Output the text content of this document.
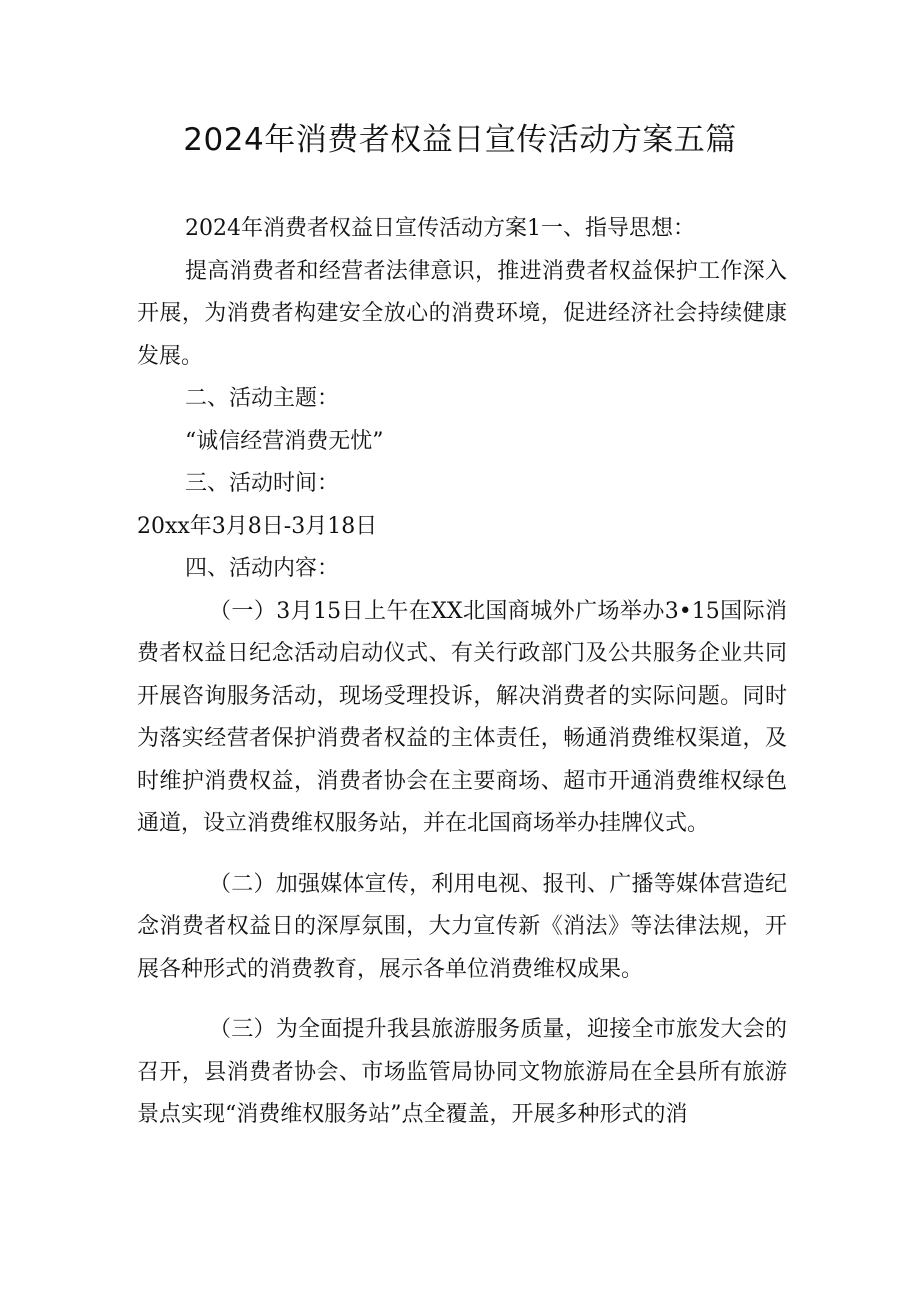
2024年消费者权益日宣传活动方案五篇

2024年消费者权益日宣传活动方案1一、指导思想：

提高消费者和经营者法律意识，推进消费者权益保护工作深入开展，为消费者构建安全放心的消费环境，促进经济社会持续健康发展。

二、活动主题：

“诚信经营消费无忧”

三、活动时间：

20xx年3月8日-3月18日

四、活动内容：

（一）3月15日上午在XX北国商城外广场举办3•15国际消费者权益日纪念活动启动仪式、有关行政部门及公共服务企业共同开展咨询服务活动，现场受理投诉，解决消费者的实际问题。同时为落实经营者保护消费者权益的主体责任，畅通消费维权渠道，及时维护消费权益，消费者协会在主要商场、超市开通消费维权绿色通道，设立消费维权服务站，并在北国商场举办挂牌仪式。

（二）加强媒体宣传，利用电视、报刊、广播等媒体营造纪念消费者权益日的深厚氛围，大力宣传新《消法》等法律法规，开展各种形式的消费教育，展示各单位消费维权成果。

（三）为全面提升我县旅游服务质量，迎接全市旅发大会的召开，县消费者协会、市场监管局协同文物旅游局在全县所有旅游景点实现“消费维权服务站”点全覆盖，开展多种形式的消
